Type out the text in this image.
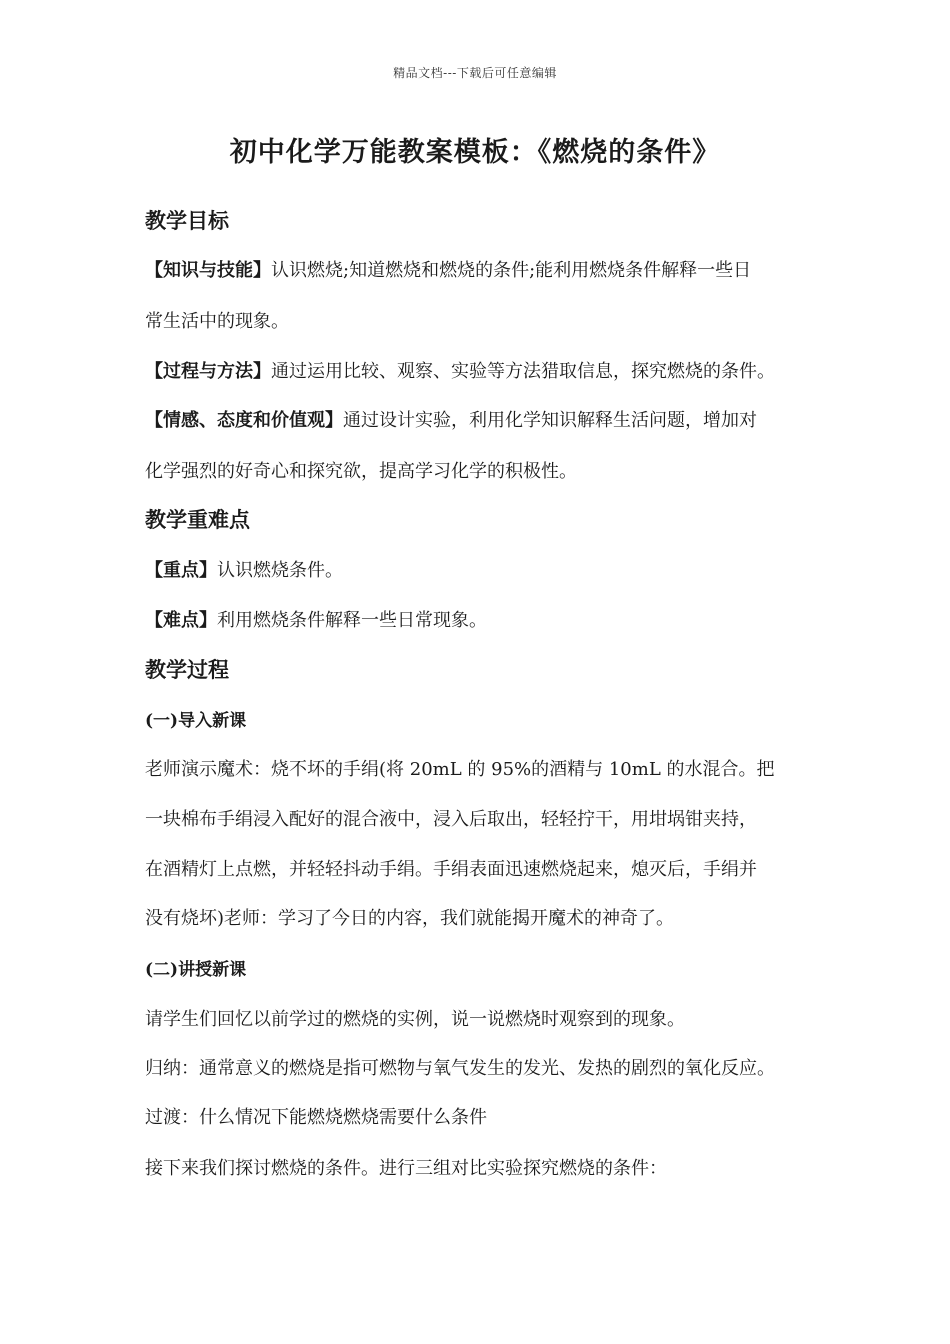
精品文档---下载后可任意编辑
初中化学万能教案模板：《燃烧的条件》
教学目标
【知识与技能】认识燃烧;知道燃烧和燃烧的条件;能利用燃烧条件解释一些日
常生活中的现象。
【过程与方法】通过运用比较、观察、实验等方法猎取信息，探究燃烧的条件。
【情感、态度和价值观】通过设计实验，利用化学知识解释生活问题，增加对
化学强烈的好奇心和探究欲，提高学习化学的积极性。
教学重难点
【重点】认识燃烧条件。
【难点】利用燃烧条件解释一些日常现象。
教学过程
(一)导入新课
老师演示魔术：烧不坏的手绢(将 20mL 的 95%的酒精与 10mL 的水混合。把
一块棉布手绢浸入配好的混合液中，浸入后取出，轻轻拧干，用坩埚钳夹持，
在酒精灯上点燃，并轻轻抖动手绢。手绢表面迅速燃烧起来，熄灭后，手绢并
没有烧坏)老师：学习了今日的内容，我们就能揭开魔术的神奇了。
(二)讲授新课
请学生们回忆以前学过的燃烧的实例，说一说燃烧时观察到的现象。
归纳：通常意义的燃烧是指可燃物与氧气发生的发光、发热的剧烈的氧化反应。
过渡：什么情况下能燃烧燃烧需要什么条件
接下来我们探讨燃烧的条件。进行三组对比实验探究燃烧的条件：
